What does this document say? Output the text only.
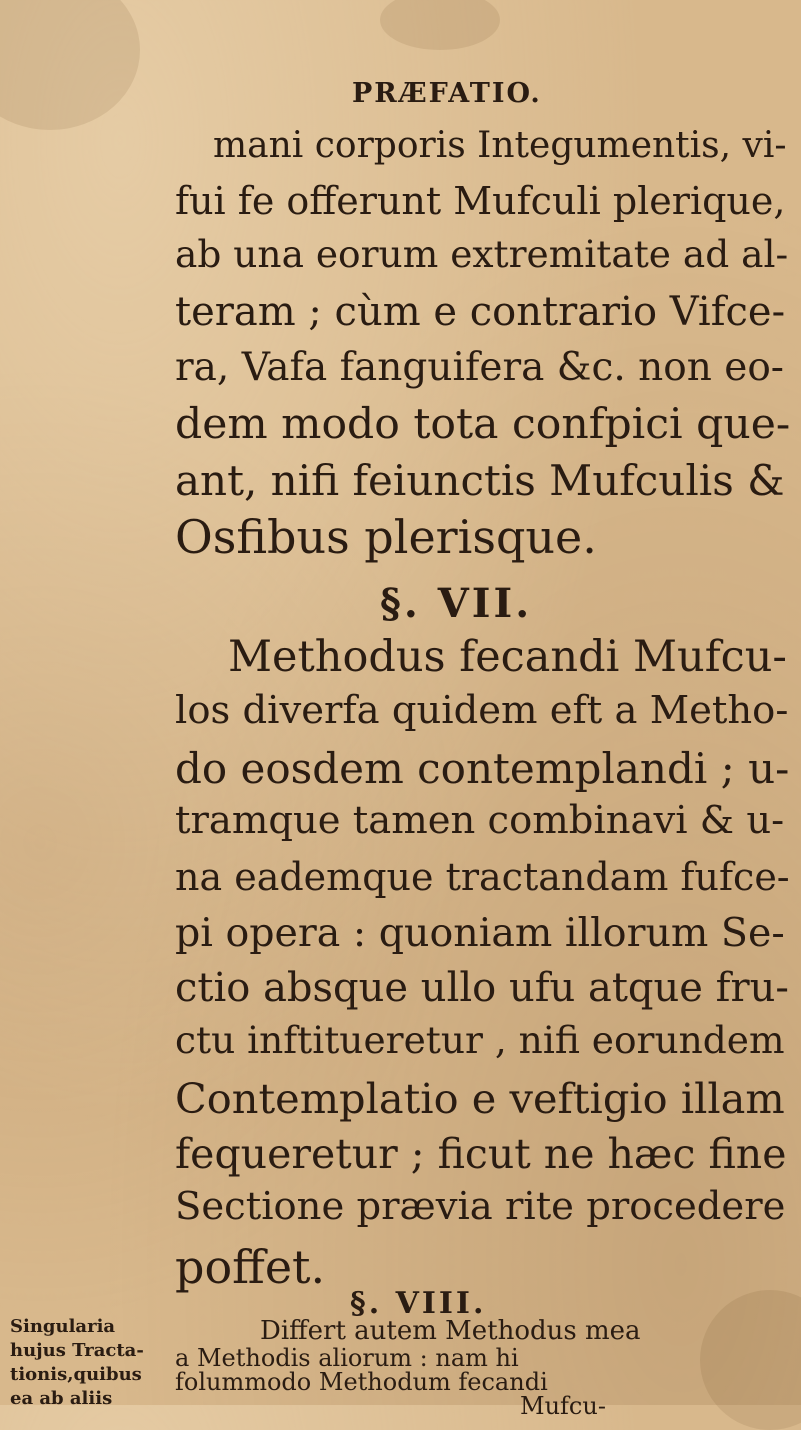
PRÆFATIO.
mani corporis Integumentis, vi-
fui fe offerunt Mufculi plerique,
ab una eorum extremitate ad al-
teram ; cùm e contrario Vifce-
ra, Vafa fanguifera &c. non eo-
dem modo tota confpici que-
ant, nifi feiunctis Mufculis &
Osfibus plerisque.
§. VII.
Methodus fecandi Mufcu-
los diverfa quidem eft a Metho-
do eosdem contemplandi ; u-
tramque tamen combinavi & u-
na eademque tractandam fufce-
pi opera : quoniam illorum Se-
ctio absque ullo ufu atque fru-
ctu inftitueretur , nifi eorundem
Contemplatio e veftigio illam
fequeretur ; ficut ne hæc fine
Sectione prævia rite procedere
poffet.
§. VIII.
Differt autem Methodus mea
a Methodis aliorum : nam hi
folummodo Methodum fecandi
Mufcu-
Singularia
hujus Tracta-
tionis,quibus
ea ab aliis
